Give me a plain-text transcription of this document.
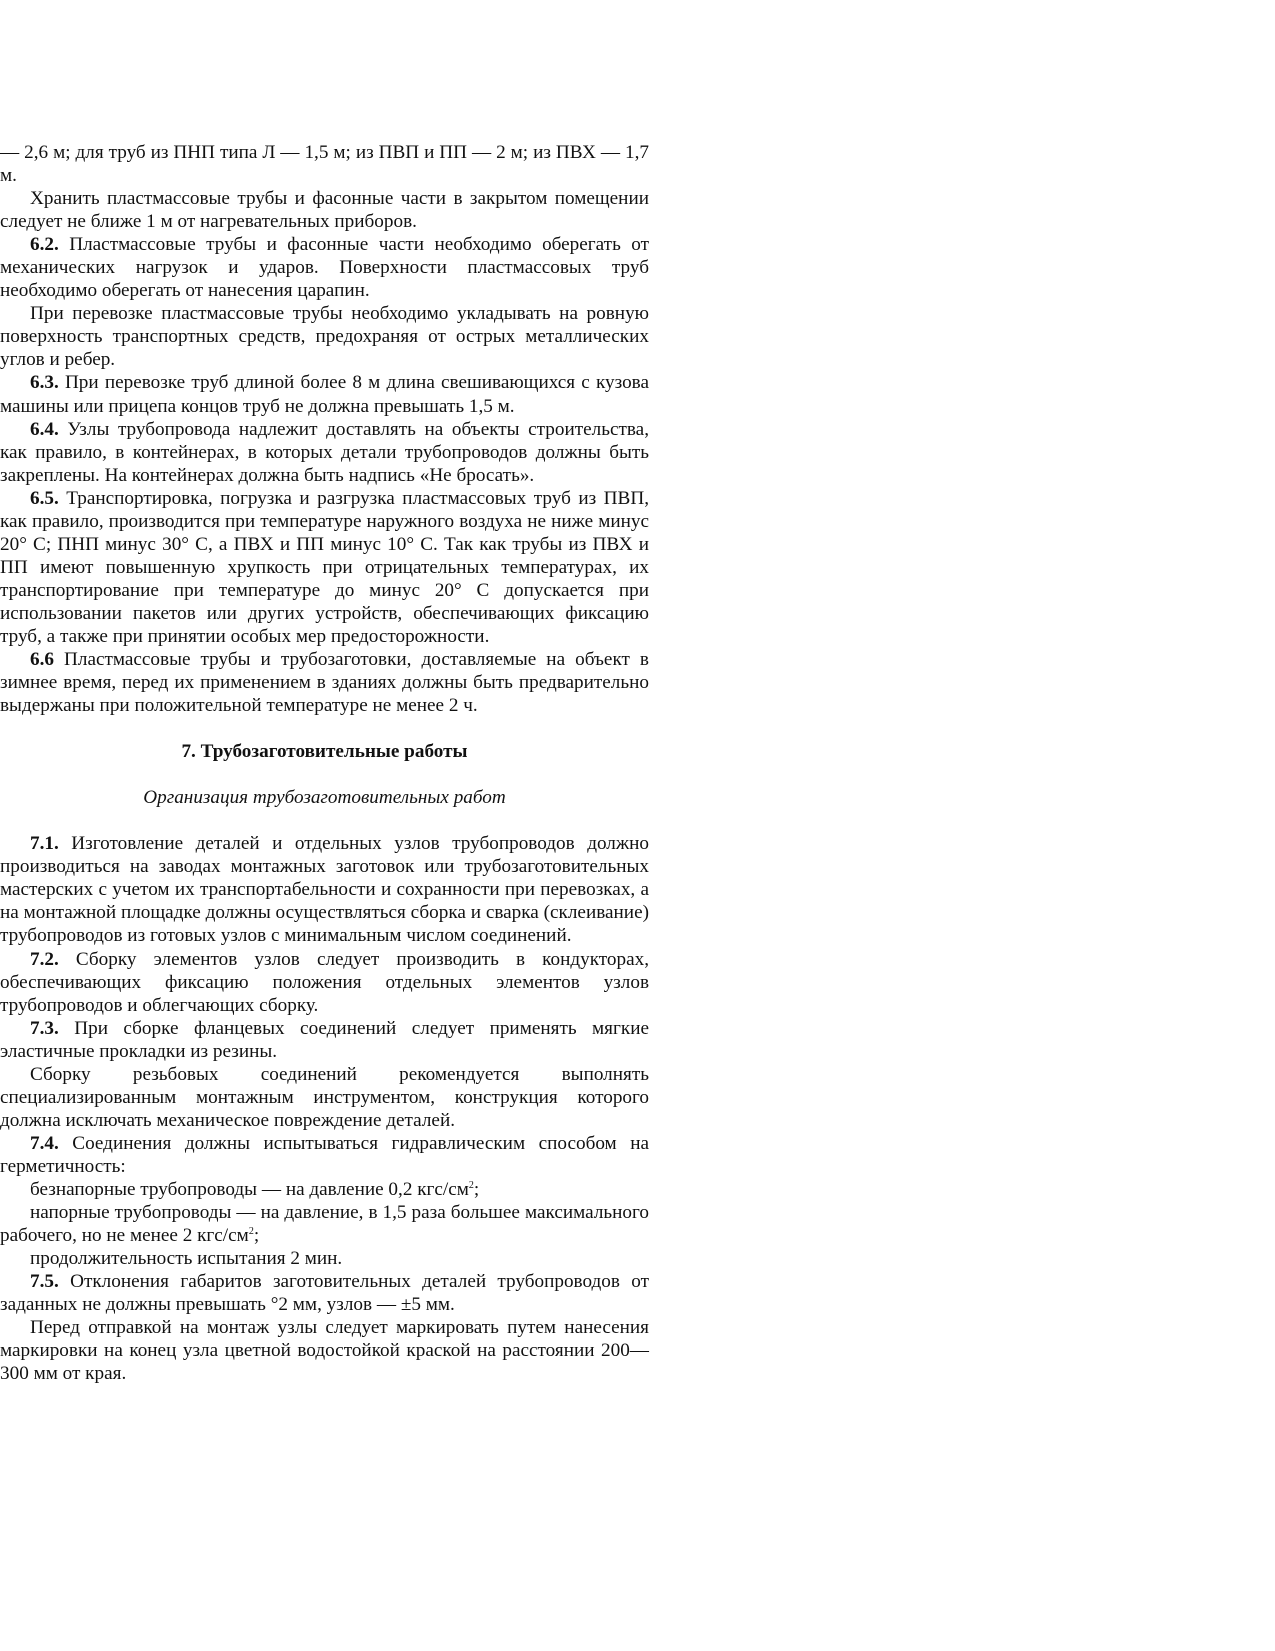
— 2,6 м; для труб из ПНП типа Л — 1,5 м; из ПВП и ПП — 2 м; из ПВХ — 1,7 м.

Хранить пластмассовые трубы и фасонные части в закрытом помещении следует не ближе 1 м от нагревательных приборов.

6.2. Пластмассовые трубы и фасонные части необходимо оберегать от механических нагрузок и ударов. Поверхности пластмассовых труб необходимо оберегать от нанесения царапин.

При перевозке пластмассовые трубы необходимо укладывать на ровную поверхность транспортных средств, предохраняя от острых металлических углов и ребер.

6.3. При перевозке труб длиной более 8 м длина свешивающихся с кузова машины или прицепа концов труб не должна превышать 1,5 м.

6.4. Узлы трубопровода надлежит доставлять на объекты строительства, как правило, в контейнерах, в которых детали трубопроводов должны быть закреплены. На контейнерах должна быть надпись «Не бросать».

6.5. Транспортировка, погрузка и разгрузка пластмассовых труб из ПВП, как правило, производится при температуре наружного воздуха не ниже минус 20° С; ПНП минус 30° С, а ПВХ и ПП минус 10° С. Так как трубы из ПВХ и ПП имеют повышенную хрупкость при отрицательных температурах, их транспортирование при температуре до минус 20° С допускается при использовании пакетов или других устройств, обеспечивающих фиксацию труб, а также при принятии особых мер предосторожности.

6.6 Пластмассовые трубы и трубозаготовки, доставляемые на объект в зимнее время, перед их применением в зданиях должны быть предварительно выдержаны при положительной температуре не менее 2 ч.

7. Трубозаготовительные работы

Организация трубозаготовительных работ

7.1. Изготовление деталей и отдельных узлов трубопроводов должно производиться на заводах монтажных заготовок или трубозаготовительных мастерских с учетом их транспортабельности и сохранности при перевозках, а на монтажной площадке должны осуществляться сборка и сварка (склеивание) трубопроводов из готовых узлов с минимальным числом соединений.

7.2. Сборку элементов узлов следует производить в кондукторах, обеспечивающих фиксацию положения отдельных элементов узлов трубопроводов и облегчающих сборку.

7.3. При сборке фланцевых соединений следует применять мягкие эластичные прокладки из резины.

Сборку резьбовых соединений рекомендуется выполнять специализированным монтажным инструментом, конструкция которого должна исключать механическое повреждение деталей.

7.4. Соединения должны испытываться гидравлическим способом на герметичность:

безнапорные трубопроводы — на давление 0,2 кгс/$см^2$;

напорные трубопроводы — на давление, в 1,5 раза большее максимального рабочего, но не менее 2 кгс/$см^2$;

продолжительность испытания 2 мин.

7.5. Отклонения габаритов заготовительных деталей трубопроводов от заданных не должны превышать °2 мм, узлов — ±5 мм.

Перед отправкой на монтаж узлы следует маркировать путем нанесения маркировки на конец узла цветной водостойкой краской на расстоянии 200—300 мм от края.
